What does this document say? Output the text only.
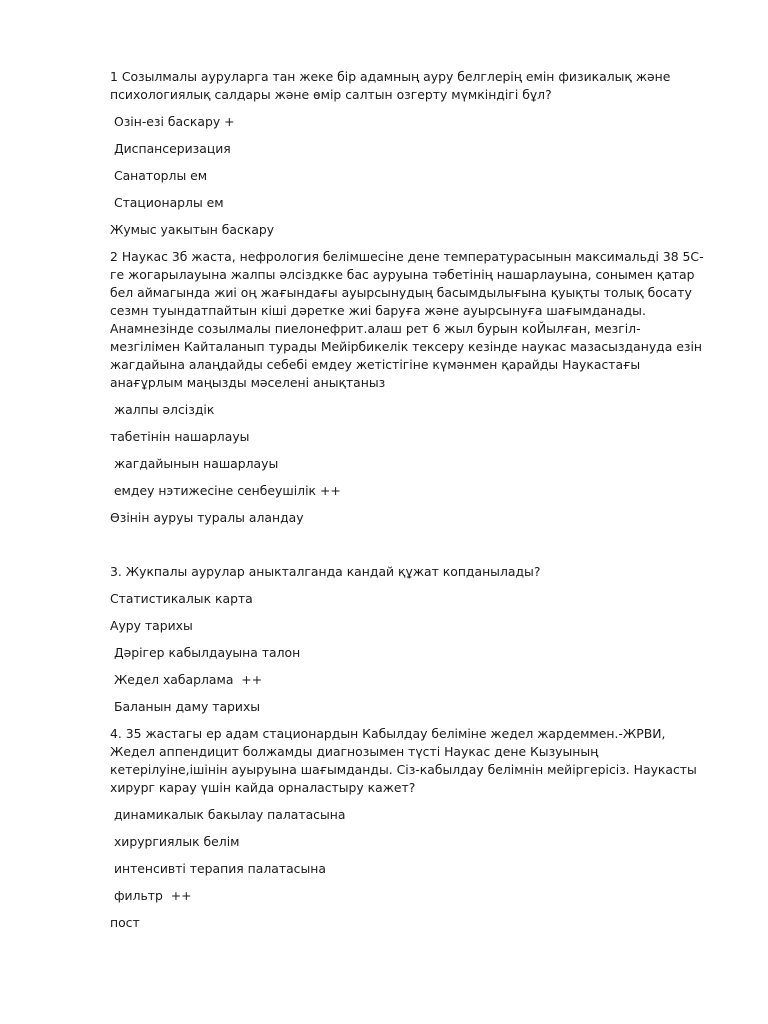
1 Созылмалы ауруларга тан жеке бір адамның ауру белглерің емін физикалық және психологиялық салдары және өмір салтын озгерту мүмкіндігі бұл?

Озін-езі баскару +

Диспансеризация

Санаторлы ем

Стационарлы ем

Жумыс уакытын баскару

2 Наукас 3б жаста, нефрология белімшесіне дене температурасынын максимальді 38 5С-ге жогарылауына жалпы әлсіздкке бас ауруына тәбетінің нашарлауына, сонымен қатар бел аймагында жиі оң жағындағы ауырсынудың басымдылығына қуықты толық босату сезмн туындатпайтын кіші дәретке жиі баруға және ауырсынуға шағымданады. Анамнезінде созылмалы пиелонефрит.алаш рет 6 жыл бурын коЙылған, мезгіл-мезгілімен Кайталанып турады Мейірбикелік тексеру кезінде наукас мазасызданудa езін жагдайына алаңдайды себебі емдеу жетістігіне күмәнмен қарайды Наукастағы анағұрлым маңызды мәселені анықтаныз

жалпы әлсіздік

табетінін нашарлауы

жагдайынын нашарлауы

емдеу нэтижесіне сенбеушілік ++

Өзінін ауруы туралы аландау

3. Жукпалы аурулар аныкталганда кандай құжат копданылады?

Статистикалык карта

Ауру тарихы

Дәрігер кабылдауына талон

Жедел хабарлама  ++

Баланын даму тарихы

4. 35 жастагы ер адам стационардын Кабылдау беліміне жедел жардеммен.-ЖРВИ, Жедел аппендицит болжамды диагнозымен түсті Наукас дене Кызуының кетерілуіне,ішінін ауыруына шағымданды. Сіз-кабылдау белімнін мейіргерісіз. Наукасты хирург карау үшін кайда орналастыру кажет?

динамикалык бакылау палатасына

хирургиялык белім

интенсивті терапия палатасына

фильтр  ++

пост
